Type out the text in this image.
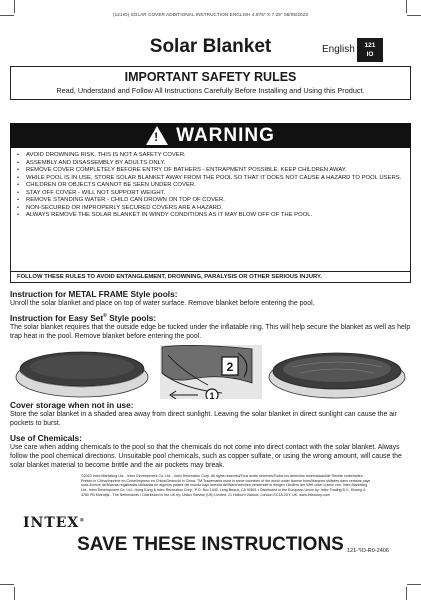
(121IO) SOLAR COVER ADDITIONAL INSTRUCTION ENGLISH 4.875" X 7.25" 08/05/2023
Solar Blanket	English	121
IO
IMPORTANT SAFETY RULES
Read, Understand and Follow All Instructions Carefully Before Installing and Using this Product.
! WARNING
• AVOID DROWNING RISK, THIS IS NOT A SAFETY COVER.
• ASSEMBLY AND DISASSEMBLY BY ADULTS ONLY.
• REMOVE COVER COMPLETELY BEFORE ENTRY OF BATHERS - ENTRAPMENT POSSIBLE. KEEP CHILDREN AWAY.
• WHILE POOL IS IN USE, STORE SOLAR BLANKET AWAY FROM THE POOL SO THAT IT DOES NOT CAUSE A HAZARD TO POOL USERS.
• CHILDREN OR OBJECTS CANNOT BE SEEN UNDER COVER.
• STAY OFF COVER - WILL NOT SUPPORT WEIGHT.
• REMOVE STANDING WATER - CHILD CAN DROWN ON TOP OF COVER.
• NON-SECURED OR IMPROPERLY SECURED COVERS ARE A HAZARD.
• ALWAYS REMOVE THE SOLAR BLANKET IN WINDY CONDITIONS AS IT MAY BLOW OFF OF THE POOL.
FOLLOW THESE RULES TO AVOID ENTANGLEMENT, DROWNING, PARALYSIS OR OTHER SERIOUS INJURY.
Instruction for METAL FRAME Style pools:
Unroll the solar blanket and place on top of water surface. Remove blanket before entering the pool.
Instruction for Easy Set® Style pools:
The solar blanket requires that the outside edge be tucked under the inflatable ring. This will help secure the blanket as well as help trap heat in the pool. Remove blanket before entering the pool.
2
1
Cover storage when not in use:
Store the solar blanket in a shaded area away from direct sunlight. Leaving the solar blanket in direct sunlight can cause the air pockets to burst.
Use of Chemicals:
Use care when adding chemicals to the pool so that the chemicals do not come into direct contact with the solar blanket. Always follow the pool chemical directions. Unsuitable pool chemicals, such as copper sulfate, or using the wrong amount, will cause the solar blanket material to become brittle and the air pockets may break.
©2023 Intex Marketing Ltd. - Intex Development Co. Ltd. - Intex Recreation Corp. All rights reserved/Tous droits réservés/Todos los derechos reservados/Alle Rechte vorbehalten. Printed in China/Imprimé en Chine/Impreso en China/Gedruckt in China. TM Trademarks used in some countries of the world under license from/Marques utilisées dans certains pays sous licence de/Marcas registradas utilizadas en algunos países del mundo bajo licencia de/Warenzeichen verwendet in einigen Ländern der Welt unter Lizenz von: Intex Marketing Ltd., Intex Development Co. Ltd., Hong Kong & Intex Recreation Corp., P.O. Box 1440, Long Beach, CA 90801 • Distributed in the European Union by: Intex Trading B.V., Ebweg 4, 4780 PB Moerdijk - The Netherlands • Distributed in the UK by: Unilux Service (UK) Limited, 21 Holborn Viaduct, London EC1A 2DY, UK. www.intexcorp.com
INTEX®
SAVE THESE INSTRUCTIONS 121-*IO-R0-2406
